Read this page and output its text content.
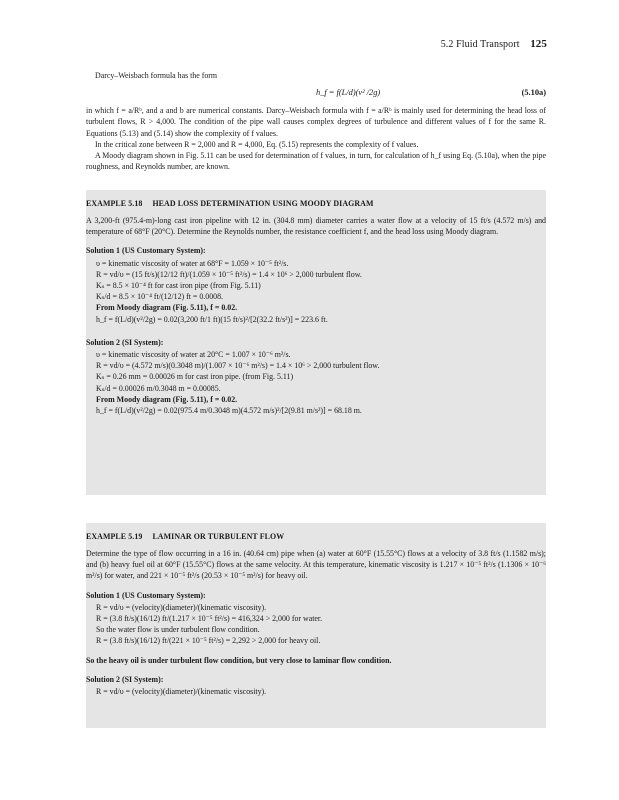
5.2 Fluid Transport 125

Darcy–Weisbach formula has the form

h_f = f(L/d)(v² /2g)	(5.10a)

in which f = a/Rᵇ, and a and b are numerical constants. Darcy–Weisbach formula with f = a/Rᵇ is mainly used for determining the head loss of turbulent flows, R > 4,000. The condition of the pipe wall causes complex degrees of turbulence and different values of f for the same R. Equations (5.13) and (5.14) show the complexity of f values.

In the critical zone between R = 2,000 and R = 4,000, Eq. (5.15) represents the complexity of f values.

A Moody diagram shown in Fig. 5.11 can be used for determination of f values, in turn, for calculation of h_f using Eq. (5.10a), when the pipe roughness, and Reynolds number, are known.

EXAMPLE 5.18 HEAD LOSS DETERMINATION USING MOODY DIAGRAM

A 3,200-ft (975.4-m)-long cast iron pipeline with 12 in. (304.8 mm) diameter carries a water flow at a velocity of 15 ft/s (4.572 m/s) and temperature of 68°F (20°C). Determine the Reynolds number, the resistance coefficient f, and the head loss using Moody diagram.

Solution 1 (US Customary System):

υ = kinematic viscosity of water at 68°F = 1.059 × 10⁻⁵ ft²/s.

R = vd/υ = (15 ft/s)(12/12 ft)/(1.059 × 10⁻⁵ ft²/s) = 1.4 × 10⁶ > 2,000 turbulent flow.

Kₛ = 8.5 × 10⁻⁴ ft for cast iron pipe (from Fig. 5.11)

Kₛ/d = 8.5 × 10⁻⁴ ft/(12/12) ft = 0.0008.

From Moody diagram (Fig. 5.11), f = 0.02.

h_f = f(L/d)(v²/2g) = 0.02(3,200 ft/1 ft)(15 ft/s)²/[2(32.2 ft/s²)] = 223.6 ft.

Solution 2 (SI System):

υ = kinematic viscosity of water at 20°C = 1.007 × 10⁻⁶ m²/s.

R = vd/υ = (4.572 m/s)(0.3048 m)/(1.007 × 10⁻⁶ m²/s) = 1.4 × 10⁶ > 2,000 turbulent flow.

Kₛ = 0.26 mm = 0.00026 m for cast iron pipe. (from Fig. 5.11)

Kₛ/d = 0.00026 m/0.3048 m = 0.00085.

From Moody diagram (Fig. 5.11), f = 0.02.

h_f = f(L/d)(v²/2g) = 0.02(975.4 m/0.3048 m)(4.572 m/s)²/[2(9.81 m/s²)] = 68.18 m.

EXAMPLE 5.19 LAMINAR OR TURBULENT FLOW

Determine the type of flow occurring in a 16 in. (40.64 cm) pipe when (a) water at 60°F (15.55°C) flows at a velocity of 3.8 ft/s (1.1582 m/s); and (b) heavy fuel oil at 60°F (15.55°C) flows at the same velocity. At this temperature, kinematic viscosity is 1.217 × 10⁻⁵ ft²/s (1.1306 × 10⁻⁶ m²/s) for water, and 221 × 10⁻⁵ ft²/s (20.53 × 10⁻⁵ m²/s) for heavy oil.

Solution 1 (US Customary System):

R = vd/υ = (velocity)(diameter)/(kinematic viscosity).

R = (3.8 ft/s)(16/12) ft/(1.217 × 10⁻⁵ ft²/s) = 416,324 > 2,000 for water.

So the water flow is under turbulent flow condition.

R = (3.8 ft/s)(16/12) ft/(221 × 10⁻⁵ ft²/s) = 2,292 > 2,000 for heavy oil.

So the heavy oil is under turbulent flow condition, but very close to laminar flow condition.

Solution 2 (SI System):

R = vd/υ = (velocity)(diameter)/(kinematic viscosity).
